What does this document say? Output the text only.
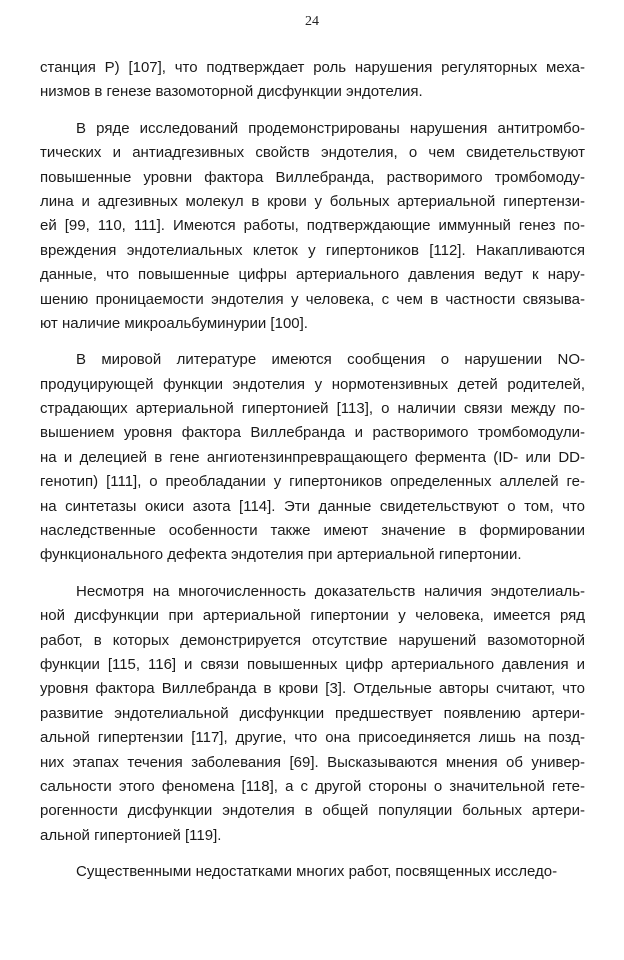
24
станция P) [107], что подтверждает роль нарушения регуляторных меха-
низмов в генезе вазомоторной дисфункции эндотелия.
В ряде исследований продемонстрированы нарушения антитромбо-
тических и антиадгезивных свойств эндотелия, о чем свидетельствуют
повышенные уровни фактора Виллебранда, растворимого тромбомоду-
лина и адгезивных молекул в крови у больных артериальной гипертензи-
ей [99, 110, 111]. Имеются работы, подтверждающие иммунный генез по-
вреждения эндотелиальных клеток у гипертоников [112]. Накапливаются
данные, что повышенные цифры артериального давления ведут к нару-
шению проницаемости эндотелия у человека, с чем в частности связыва-
ют наличие микроальбуминурии [100].
В мировой литературе имеются сообщения о нарушении NO-
продуцирующей функции эндотелия у нормотензивных детей родителей,
страдающих артериальной гипертонией [113], о наличии связи между по-
вышением уровня фактора Виллебранда и растворимого тромбомодули-
на и делецией в гене ангиотензинпревращающего фермента (ID- или DD-
генотип) [111], о преобладании у гипертоников определенных аллелей ге-
на синтетазы окиси азота [114]. Эти данные свидетельствуют о том, что
наследственные особенности также имеют значение в формировании
функционального дефекта эндотелия при артериальной гипертонии.
Несмотря на многочисленность доказательств наличия эндотелиаль-
ной дисфункции при артериальной гипертонии у человека, имеется ряд
работ, в которых демонстрируется отсутствие нарушений вазомоторной
функции [115, 116] и связи повышенных цифр артериального давления и
уровня фактора Виллебранда в крови [3]. Отдельные авторы считают, что
развитие эндотелиальной дисфункции предшествует появлению артери-
альной гипертензии [117], другие, что она присоединяется лишь на позд-
них этапах течения заболевания [69]. Высказываются мнения об универ-
сальности этого феномена [118], а с другой стороны о значительной гете-
рогенности дисфункции эндотелия в общей популяции больных артери-
альной гипертонией [119].
Существенными недостатками многих работ, посвященных исследо-
